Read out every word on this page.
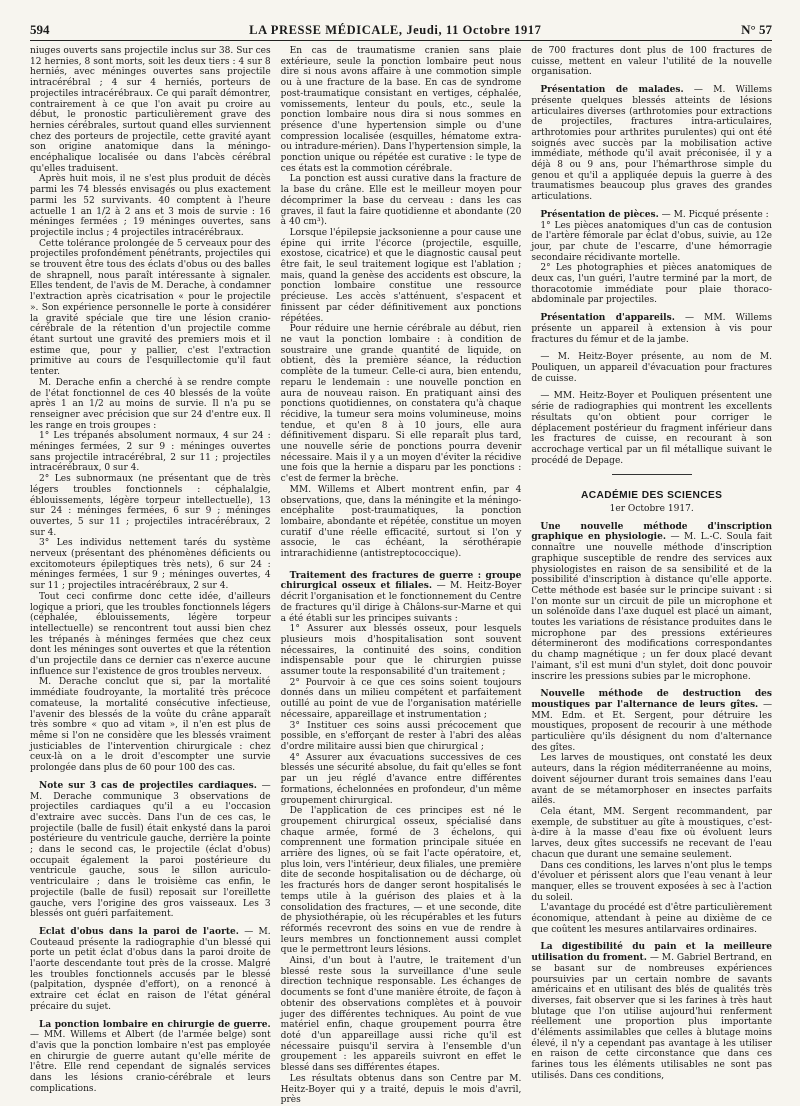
594	LA PRESSE MÉDICALE, Jeudi, 11 Octobre 1917	N° 57

niuges ouverts sans projectile inclus sur 38. Sur ces 12 hernies, 8 sont morts, soit les deux tiers : 4 sur 8 herniés, avec méninges ouvertes sans projectile intracérébral ; 4 sur 4 herniés, porteurs de projectiles intracérébraux. Ce qui paraît démontrer, contrairement à ce que l'on avait pu croire au début, le pronostic particulièrement grave des hernies cérébrales, surtout quand elles surviennent chez des porteurs de projectile, cette gravité ayant son origine anatomique dans la méningo-encéphalique localisée ou dans l'abcès cérébral qu'elles traduisent.

Après huit mois, il ne s'est plus produit de décès parmi les 74 blessés envisagés ou plus exactement parmi les 52 survivants. 40 comptent à l'heure actuelle 1 an 1/2 à 2 ans et 3 mois de survie : 16 méninges fermées ; 19 méninges ouvertes, sans projectile inclus ; 4 projectiles intracérébraux.

Cette tolérance prolongée de 5 cerveaux pour des projectiles profondément pénétrants, projectiles qui se trouvent être tous des éclats d'obus ou des balles de shrapnell, nous paraît intéressante à signaler. Elles tendent, de l'avis de M. Derache, à condamner l'extraction après cicatrisation « pour le projectile ». Son expérience personnelle le porte à considérer la gravité spéciale que tire une lésion cranio-cérébrale de la rétention d'un projectile comme étant surtout une gravité des premiers mois et il estime que, pour y pallier, c'est l'extraction primitive au cours de l'esquillectomie qu'il faut tenter.

M. Derache enfin a cherché à se rendre compte de l'état fonctionnel de ces 40 blessés de la voûte après 1 an 1/2 au moins de survie. Il n'a pu se renseigner avec précision que sur 24 d'entre eux. Il les range en trois groupes :

1° Les trépanés absolument normaux, 4 sur 24 : méninges fermées, 2 sur 9 : méninges ouvertes sans projectile intracérébral, 2 sur 11 ; projectiles intracérébraux, 0 sur 4.

2° Les subnormaux (ne présentant que de très légers troubles fonctionnels : céphalalgie, éblouissements, légère torpeur intellectuelle), 13 sur 24 : méninges fermées, 6 sur 9 ; méninges ouvertes, 5 sur 11 ; projectiles intracérébraux, 2 sur 4.

3° Les individus nettement tarés du système nerveux (présentant des phénomènes déficients ou excitomoteurs épileptiques très nets), 6 sur 24 : méninges fermées, 1 sur 9 ; méninges ouvertes, 4 sur 11 ; projectiles intracérébraux, 2 sur 4.

Tout ceci confirme donc cette idée, d'ailleurs logique a priori, que les troubles fonctionnels légers (céphalée, éblouissements, légère torpeur intellectuelle) se rencontrent tout aussi bien chez les trépanés à méninges fermées que chez ceux dont les méninges sont ouvertes et que la rétention d'un projectile dans ce dernier cas n'exerce aucune influence sur l'existence de gros troubles nerveux.

M. Derache conclut que si, par la mortalité immédiate foudroyante, la mortalité très précoce comateuse, la mortalité consécutive infectieuse, l'avenir des blessés de la voûte du crâne apparaît très sombre « quo ad vitam », il n'en est plus de même si l'on ne considère que les blessés vraiment justiciables de l'intervention chirurgicale : chez ceux-là on a le droit d'escompter une survie prolongée dans plus de 60 pour 100 des cas.

Note sur 3 cas de projectiles cardiaques. — M. Derache communique 3 observations de projectiles cardiaques qu'il a eu l'occasion d'extraire avec succès. Dans l'un de ces cas, le projectile (balle de fusil) était enkysté dans la paroi postérieure du ventricule gauche, derrière la pointe ; dans le second cas, le projectile (éclat d'obus) occupait également la paroi postérieure du ventricule gauche, sous le sillon auriculo-ventriculaire ; dans le troisième cas enfin, le projectile (balle de fusil) reposait sur l'oreillette gauche, vers l'origine des gros vaisseaux. Les 3 blessés ont guéri parfaitement.

Eclat d'obus dans la paroi de l'aorte. — M. Couteaud présente la radiographie d'un blessé qui porte un petit éclat d'obus dans la paroi droite de l'aorte descendante tout près de la crosse. Malgré les troubles fonctionnels accusés par le blessé (palpitation, dyspnée d'effort), on a renoncé à extraire cet éclat en raison de l'état général précaire du sujet.

La ponction lombaire en chirurgie de guerre. — MM. Willems et Albert (de l'armée belge) sont d'avis que la ponction lombaire n'est pas employée en chirurgie de guerre autant qu'elle mérite de l'être. Elle rend cependant de signalés services dans les lésions cranio-cérébrale et leurs complications.

En cas de traumatisme cranien sans plaie extérieure, seule la ponction lombaire peut nous dire si nous avons affaire à une commotion simple ou à une fracture de la base. En cas de syndrome post-traumatique consistant en vertiges, céphalée, vomissements, lenteur du pouls, etc., seule la ponction lombaire nous dira si nous sommes en présence d'une hypertension simple ou d'une compression localisée (esquilles, hématome extra- ou intradure-mérien). Dans l'hypertension simple, la ponction unique ou répétée est curative : le type de ces états est la commotion cérébrale.

La ponction est aussi curative dans la fracture de la base du crâne. Elle est le meilleur moyen pour décomprimer la base du cerveau : dans les cas graves, il faut la faire quotidienne et abondante (20 à 40 cm³).

Lorsque l'épilepsie jacksonienne a pour cause une épine qui irrite l'écorce (projectile, esquille, exostose, cicatrice) et que le diagnostic causal peut être fait, le seul traitement logique est l'ablation ; mais, quand la genèse des accidents est obscure, la ponction lombaire constitue une ressource précieuse. Les accès s'atténuent, s'espacent et finissent par céder définitivement aux ponctions répétées.

Pour réduire une hernie cérébrale au début, rien ne vaut la ponction lombaire : à condition de soustraire une grande quantité de liquide, on obtient, dès la première séance, la réduction complète de la tumeur. Celle-ci aura, bien entendu, reparu le lendemain : une nouvelle ponction en aura de nouveau raison. En pratiquant ainsi des ponctions quotidiennes, on constatera qu'à chaque récidive, la tumeur sera moins volumineuse, moins tendue, et qu'en 8 à 10 jours, elle aura définitivement disparu. Si elle reparaît plus tard, une nouvelle série de ponctions pourra devenir nécessaire. Mais il y a un moyen d'éviter la récidive une fois que la hernie a disparu par les ponctions : c'est de fermer la brèche.

MM. Willems et Albert montrent enfin, par 4 observations, que, dans la méningite et la méningo-encéphalite post-traumatiques, la ponction lombaire, abondante et répétée, constitue un moyen curatif d'une réelle efficacité, surtout si l'on y associe, le cas échéant, la sérothérapie intrarachidienne (antistreptococcique).

Traitement des fractures de guerre : groupe chirurgical osseux et filiales. — M. Heitz-Boyer décrit l'organisation et le fonctionnement du Centre de fractures qu'il dirige à Châlons-sur-Marne et qui a été établi sur les principes suivants :

1° Assurer aux blessés osseux, pour lesquels plusieurs mois d'hospitalisation sont souvent nécessaires, la continuité des soins, condition indispensable pour que le chirurgien puisse assumer toute la responsabilité d'un traitement ;

2° Pourvoir à ce que ces soins soient toujours donnés dans un milieu compétent et parfaitement outillé au point de vue de l'organisation matérielle nécessaire, appareillage et instrumentation ;

3° Instituer ces soins aussi précocement que possible, en s'efforçant de rester à l'abri des aléas d'ordre militaire aussi bien que chirurgical ;

4° Assurer aux évacuations successives de ces blessés une sécurité absolue, du fait qu'elles se font par un jeu réglé d'avance entre différentes formations, échelonnées en profondeur, d'un même groupement chirurgical.

De l'application de ces principes est né le groupement chirurgical osseux, spécialisé dans chaque armée, formé de 3 échelons, qui comprennent une formation principale située en arrière des lignes, où se fait l'acte opératoire, et, plus loin, vers l'intérieur, deux filiales, une première dite de seconde hospitalisation ou de décharge, où les fracturés hors de danger seront hospitalisés le temps utile à la guérison des plaies et à la consolidation des fractures, — et une seconde, dite de physiothérapie, où les récupérables et les futurs réformés recevront des soins en vue de rendre à leurs membres un fonctionnement aussi complet que le permettront leurs lésions.

Ainsi, d'un bout à l'autre, le traitement d'un blessé reste sous la surveillance d'une seule direction technique responsable. Les échanges de documents se font d'une manière étroite, de façon à obtenir des observations complètes et à pouvoir juger des différentes techniques. Au point de vue matériel enfin, chaque groupement pourra être doté d'un appareillage aussi riche qu'il est nécessaire puisqu'il servira à l'ensemble d'un groupement : les appareils suivront en effet le blessé dans ses différentes étapes.

Les résultats obtenus dans son Centre par M. Heitz-Boyer qui y a traité, depuis le mois d'avril, près

de 700 fractures dont plus de 100 fractures de cuisse, mettent en valeur l'utilité de la nouvelle organisation.

Présentation de malades. — M. Willems présente quelques blessés atteints de lésions articulaires diverses (arthrotomies pour extractions de projectiles, fractures intra-articulaires, arthrotomies pour arthrites purulentes) qui ont été soignés avec succès par la mobilisation active immédiate, méthode qu'il avait préconisée, il y a déjà 8 ou 9 ans, pour l'hémarthrose simple du genou et qu'il a appliquée depuis la guerre à des traumatismes beaucoup plus graves des grandes articulations.

Présentation de pièces. — M. Picqué présente :

1° Les pièces anatomiques d'un cas de contusion de l'artère fémorale par éclat d'obus, suivie, au 12e jour, par chute de l'escarre, d'une hémorragie secondaire récidivante mortelle.

2° Les photographies et pièces anatomiques de deux cas, l'un guéri, l'autre terminé par la mort, de thoracotomie immédiate pour plaie thoraco-abdominale par projectiles.

Présentation d'appareils. — MM. Willems présente un appareil à extension à vis pour fractures du fémur et de la jambe.

— M. Heitz-Boyer présente, au nom de M. Pouliquen, un appareil d'évacuation pour fractures de cuisse.

— MM. Heitz-Boyer et Pouliquen présentent une série de radiographies qui montrent les excellents résultats qu'on obtient pour corriger le déplacement postérieur du fragment inférieur dans les fractures de cuisse, en recourant à son accrochage vertical par un fil métallique suivant le procédé de Depage.

ACADÉMIE DES SCIENCES

1er Octobre 1917.

Une nouvelle méthode d'inscription graphique en physiologie. — M. L.-C. Soula fait connaître une nouvelle méthode d'inscription graphique susceptible de rendre des services aux physiologistes en raison de sa sensibilité et de la possibilité d'inscription à distance qu'elle apporte. Cette méthode est basée sur le principe suivant : si l'on monte sur un circuit de pile un microphone et un solénoïde dans l'axe duquel est placé un aimant, toutes les variations de résistance produites dans le microphone par des pressions extérieures détermineront des modifications correspondantes du champ magnétique ; un fer doux placé devant l'aimant, s'il est muni d'un stylet, doit donc pouvoir inscrire les pressions subies par le microphone.

Nouvelle méthode de destruction des moustiques par l'alternance de leurs gîtes. — MM. Edm. et Et. Sergent, pour détruire les moustiques, proposent de recourir à une méthode particulière qu'ils désignent du nom d'alternance des gîtes.

Les larves de moustiques, ont constaté les deux auteurs, dans la région méditerranéenne au moins, doivent séjourner durant trois semaines dans l'eau avant de se métamorphoser en insectes parfaits ailés.

Cela étant, MM. Sergent recommandent, par exemple, de substituer au gîte à moustiques, c'est-à-dire à la masse d'eau fixe où évoluent leurs larves, deux gîtes successifs ne recevant de l'eau chacun que durant une semaine seulement.

Dans ces conditions, les larves n'ont plus le temps d'évoluer et périssent alors que l'eau venant à leur manquer, elles se trouvent exposées à sec à l'action du soleil.

L'avantage du procédé est d'être particulièrement économique, attendant à peine au dixième de ce que coûtent les mesures antilarvaires ordinaires.

La digestibilité du pain et la meilleure utilisation du froment. — M. Gabriel Bertrand, en se basant sur de nombreuses expériences poursuivies par un certain nombre de savants américains et en utilisant des blés de qualités très diverses, fait observer que si les farines à très haut blutage que l'on utilise aujourd'hui renferment réellement une proportion plus importante d'éléments assimilables que celles à blutage moins élevé, il n'y a cependant pas avantage à les utiliser en raison de cette circonstance que dans ces farines tous les éléments utilisables ne sont pas utilisés. Dans ces conditions,
